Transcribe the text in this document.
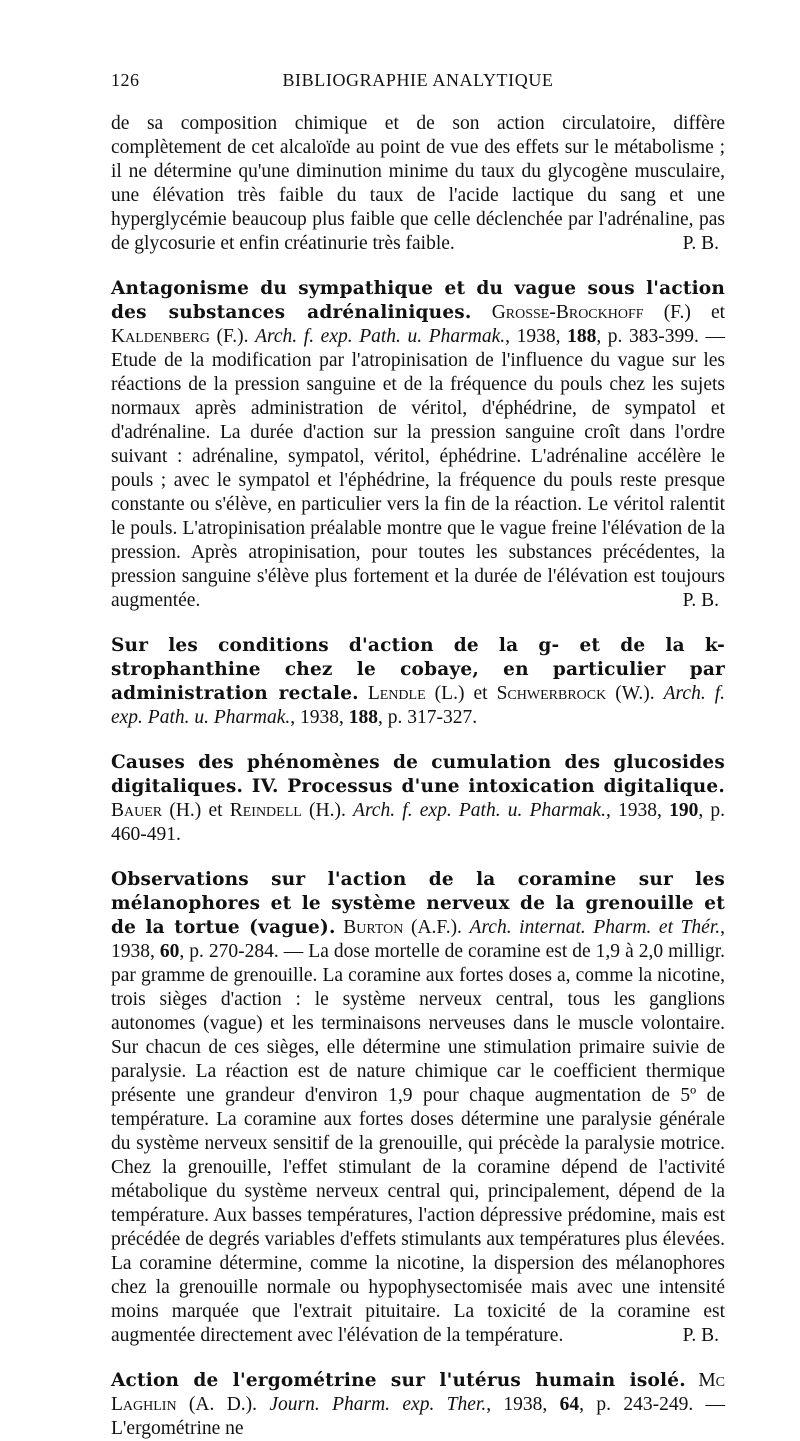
126	BIBLIOGRAPHIE ANALYTIQUE

de sa composition chimique et de son action circulatoire, diffère complètement de cet alcaloïde au point de vue des effets sur le métabolisme ; il ne détermine qu'une diminution minime du taux du glycogène musculaire, une élévation très faible du taux de l'acide lactique du sang et une hyperglycémie beaucoup plus faible que celle déclenchée par l'adrénaline, pas de glycosurie et enfin créatinurie très faible.	P. B.

Antagonisme du sympathique et du vague sous l'action des substances adrénaliniques. Grosse-Brockhoff (F.) et Kaldenberg (F.). Arch. f. exp. Path. u. Pharmak., 1938, 188, p. 383-399. — Etude de la modification par l'atropinisation de l'influence du vague sur les réactions de la pression sanguine et de la fréquence du pouls chez les sujets normaux après administration de véritol, d'éphédrine, de sympatol et d'adrénaline. La durée d'action sur la pression sanguine croît dans l'ordre suivant : adrénaline, sympatol, véritol, éphédrine. L'adrénaline accélère le pouls ; avec le sympatol et l'éphédrine, la fréquence du pouls reste presque constante ou s'élève, en particulier vers la fin de la réaction. Le véritol ralentit le pouls. L'atropinisation préalable montre que le vague freine l'élévation de la pression. Après atropinisation, pour toutes les substances précédentes, la pression sanguine s'élève plus fortement et la durée de l'élévation est toujours augmentée.	P. B.

Sur les conditions d'action de la g- et de la k-strophanthine chez le cobaye, en particulier par administration rectale. Lendle (L.) et Schwerbrock (W.). Arch. f. exp. Path. u. Pharmak., 1938, 188, p. 317-327.

Causes des phénomènes de cumulation des glucosides digitaliques. IV. Processus d'une intoxication digitalique. Bauer (H.) et Reindell (H.). Arch. f. exp. Path. u. Pharmak., 1938, 190, p. 460-491.

Observations sur l'action de la coramine sur les mélanophores et le système nerveux de la grenouille et de la tortue (vague). Burton (A.F.). Arch. internat. Pharm. et Thér., 1938, 60, p. 270-284. — La dose mortelle de coramine est de 1,9 à 2,0 milligr. par gramme de grenouille. La coramine aux fortes doses a, comme la nicotine, trois sièges d'action : le système nerveux central, tous les ganglions autonomes (vague) et les terminaisons nerveuses dans le muscle volontaire. Sur chacun de ces sièges, elle détermine une stimulation primaire suivie de paralysie. La réaction est de nature chimique car le coefficient thermique présente une grandeur d'environ 1,9 pour chaque augmentation de 5º de température. La coramine aux fortes doses détermine une paralysie générale du système nerveux sensitif de la grenouille, qui précède la paralysie motrice. Chez la grenouille, l'effet stimulant de la coramine dépend de l'activité métabolique du système nerveux central qui, principalement, dépend de la température. Aux basses températures, l'action dépressive prédomine, mais est précédée de degrés variables d'effets stimulants aux températures plus élevées. La coramine détermine, comme la nicotine, la dispersion des mélanophores chez la grenouille normale ou hypophysectomisée mais avec une intensité moins marquée que l'extrait pituitaire. La toxicité de la coramine est augmentée directement avec l'élévation de la température.	P. B.

Action de l'ergométrine sur l'utérus humain isolé. Mc Laghlin (A. D.). Journ. Pharm. exp. Ther., 1938, 64, p. 243-249. — L'ergométrine ne
